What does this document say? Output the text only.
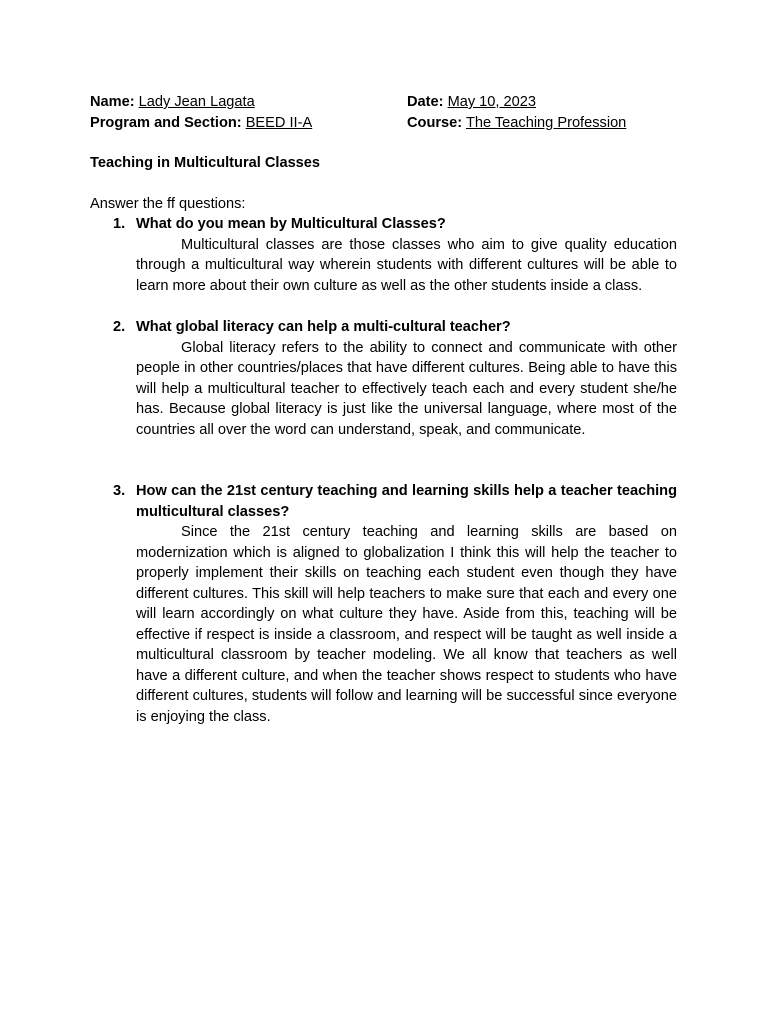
Name: Lady Jean Lagata	Date: May 10, 2023
Program and Section: BEED II-A	Course: The Teaching Profession
Teaching in Multicultural Classes
Answer the ff questions:
1. What do you mean by Multicultural Classes?
Multicultural classes are those classes who aim to give quality education through a multicultural way wherein students with different cultures will be able to learn more about their own culture as well as the other students inside a class.
2. What global literacy can help a multi-cultural teacher?
Global literacy refers to the ability to connect and communicate with other people in other countries/places that have different cultures. Being able to have this will help a multicultural teacher to effectively teach each and every student she/he has. Because global literacy is just like the universal language, where most of the countries all over the word can understand, speak, and communicate.
3. How can the 21st century teaching and learning skills help a teacher teaching multicultural classes?
Since the 21st century teaching and learning skills are based on modernization which is aligned to globalization I think this will help the teacher to properly implement their skills on teaching each student even though they have different cultures. This skill will help teachers to make sure that each and every one will learn accordingly on what culture they have. Aside from this, teaching will be effective if respect is inside a classroom, and respect will be taught as well inside a multicultural classroom by teacher modeling. We all know that teachers as well have a different culture, and when the teacher shows respect to students who have different cultures, students will follow and learning will be successful since everyone is enjoying the class.
